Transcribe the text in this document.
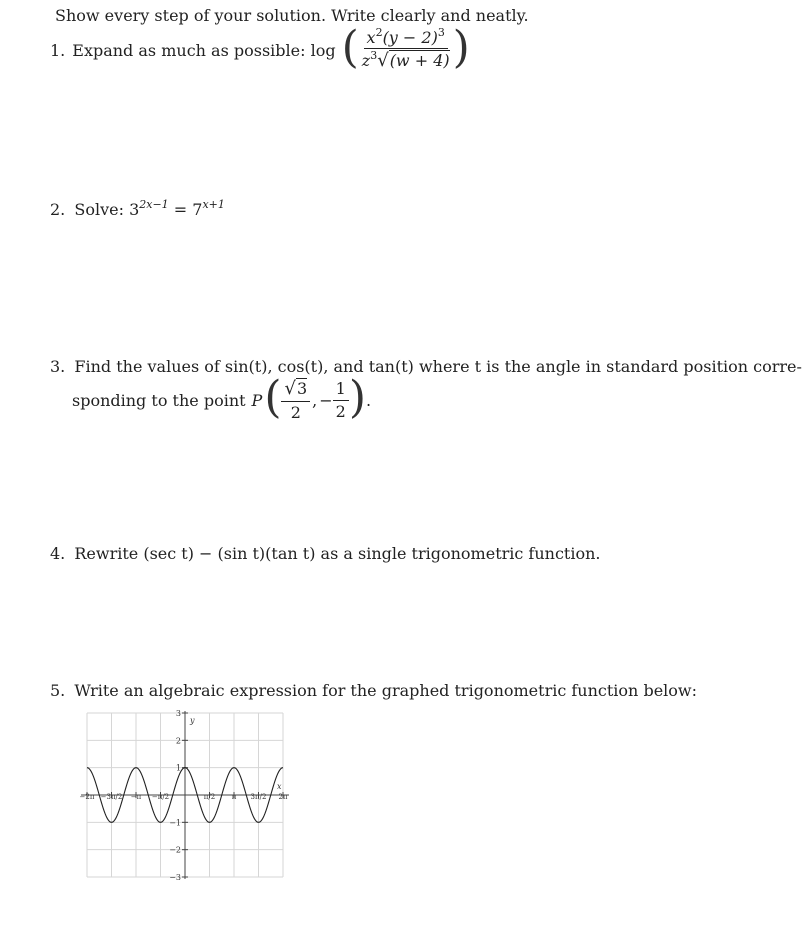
Show every step of your solution. Write clearly and neatly.
1. Expand as much as possible: log ( $\frac{x^2(y - 2)^3}{z^3√(w + 4)}$ )
2. Solve: $3^{2x-1} = 7^{x+1}$
3. Find the values of sin(t), cos(t), and tan(t) where t is the angle in standard position corre-
sponding to the point P ( $\frac{√3}{2}$ , − $\frac{1}{2}$ ) .
4. Rewrite (sec t) − (sin t)(tan t) as a single trigonometric function.
5. Write an algebraic expression for the graphed trigonometric function below:
−2π −3π/2 −π −π/2	π/2 π 3π/2 2π
3
2
1
−1
−2
−3
x
y
